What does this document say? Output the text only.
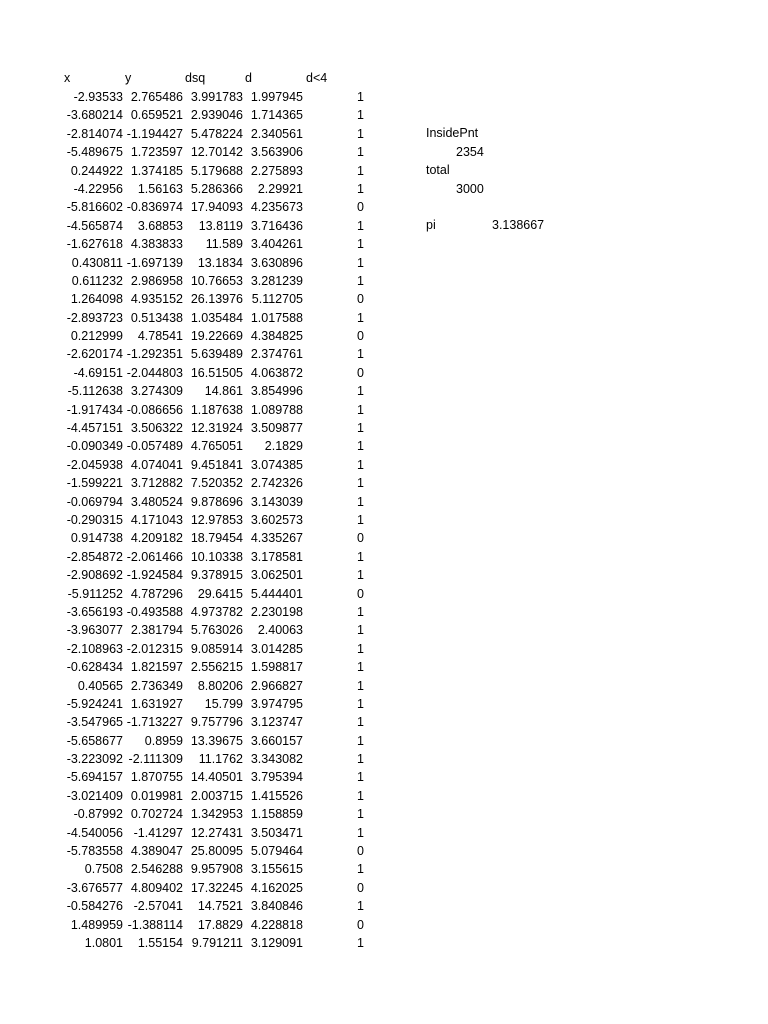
x	y	dsq	d	d<4
-2.93533 2.765486 3.991783 1.997945	1
-3.680214 0.659521 2.939046 1.714365	1
-2.814074 -1.194427 5.478224 2.340561	1
-5.489675 1.723597 12.70142 3.563906	1
0.244922 1.374185 5.179688 2.275893	1
-4.22956 1.56163 5.286366 2.29921	1
-5.816602 -0.836974 17.94093 4.235673	0
-4.565874 3.68853 13.8119 3.716436	1
-1.627618 4.383833 11.589 3.404261	1
0.430811 -1.697139 13.1834 3.630896	1
0.611232 2.986958 10.76653 3.281239	1
1.264098 4.935152 26.13976 5.112705	0
-2.893723 0.513438 1.035484 1.017588	1
0.212999 4.78541 19.22669 4.384825	0
-2.620174 -1.292351 5.639489 2.374761	1
-4.69151 -2.044803 16.51505 4.063872	0
-5.112638 3.274309 14.861 3.854996	1
-1.917434 -0.086656 1.187638 1.089788	1
-4.457151 3.506322 12.31924 3.509877	1
-0.090349 -0.057489 4.765051 2.1829	1
-2.045938 4.074041 9.451841 3.074385	1
-1.599221 3.712882 7.520352 2.742326	1
-0.069794 3.480524 9.878696 3.143039	1
-0.290315 4.171043 12.97853 3.602573	1
0.914738 4.209182 18.79454 4.335267	0
-2.854872 -2.061466 10.10338 3.178581	1
-2.908692 -1.924584 9.378915 3.062501	1
-5.911252 4.787296 29.6415 5.444401	0
-3.656193 -0.493588 4.973782 2.230198	1
-3.963077 2.381794 5.763026 2.40063	1
-2.108963 -2.012315 9.085914 3.014285	1
-0.628434 1.821597 2.556215 1.598817	1
0.40565 2.736349 8.80206 2.966827	1
-5.924241 1.631927 15.799 3.974795	1
-3.547965 -1.713227 9.757796 3.123747	1
-5.658677 0.8959 13.39675 3.660157	1
-3.223092 -2.111309 11.1762 3.343082	1
-5.694157 1.870755 14.40501 3.795394	1
-3.021409 0.019981 2.003715 1.415526	1
-0.87992 0.702724 1.342953 1.158859	1
-4.540056 -1.41297 12.27431 3.503471	1
-5.783558 4.389047 25.80095 5.079464	0
0.7508 2.546288 9.957908 3.155615	1
-3.676577 4.809402 17.32245 4.162025	0
-0.584276 -2.57041 14.7521 3.840846	1
1.489959 -1.388114 17.8829 4.228818	0
1.0801 1.55154 9.791211 3.129091	1
InsidePnt
2354
total
3000
pi	3.138667
